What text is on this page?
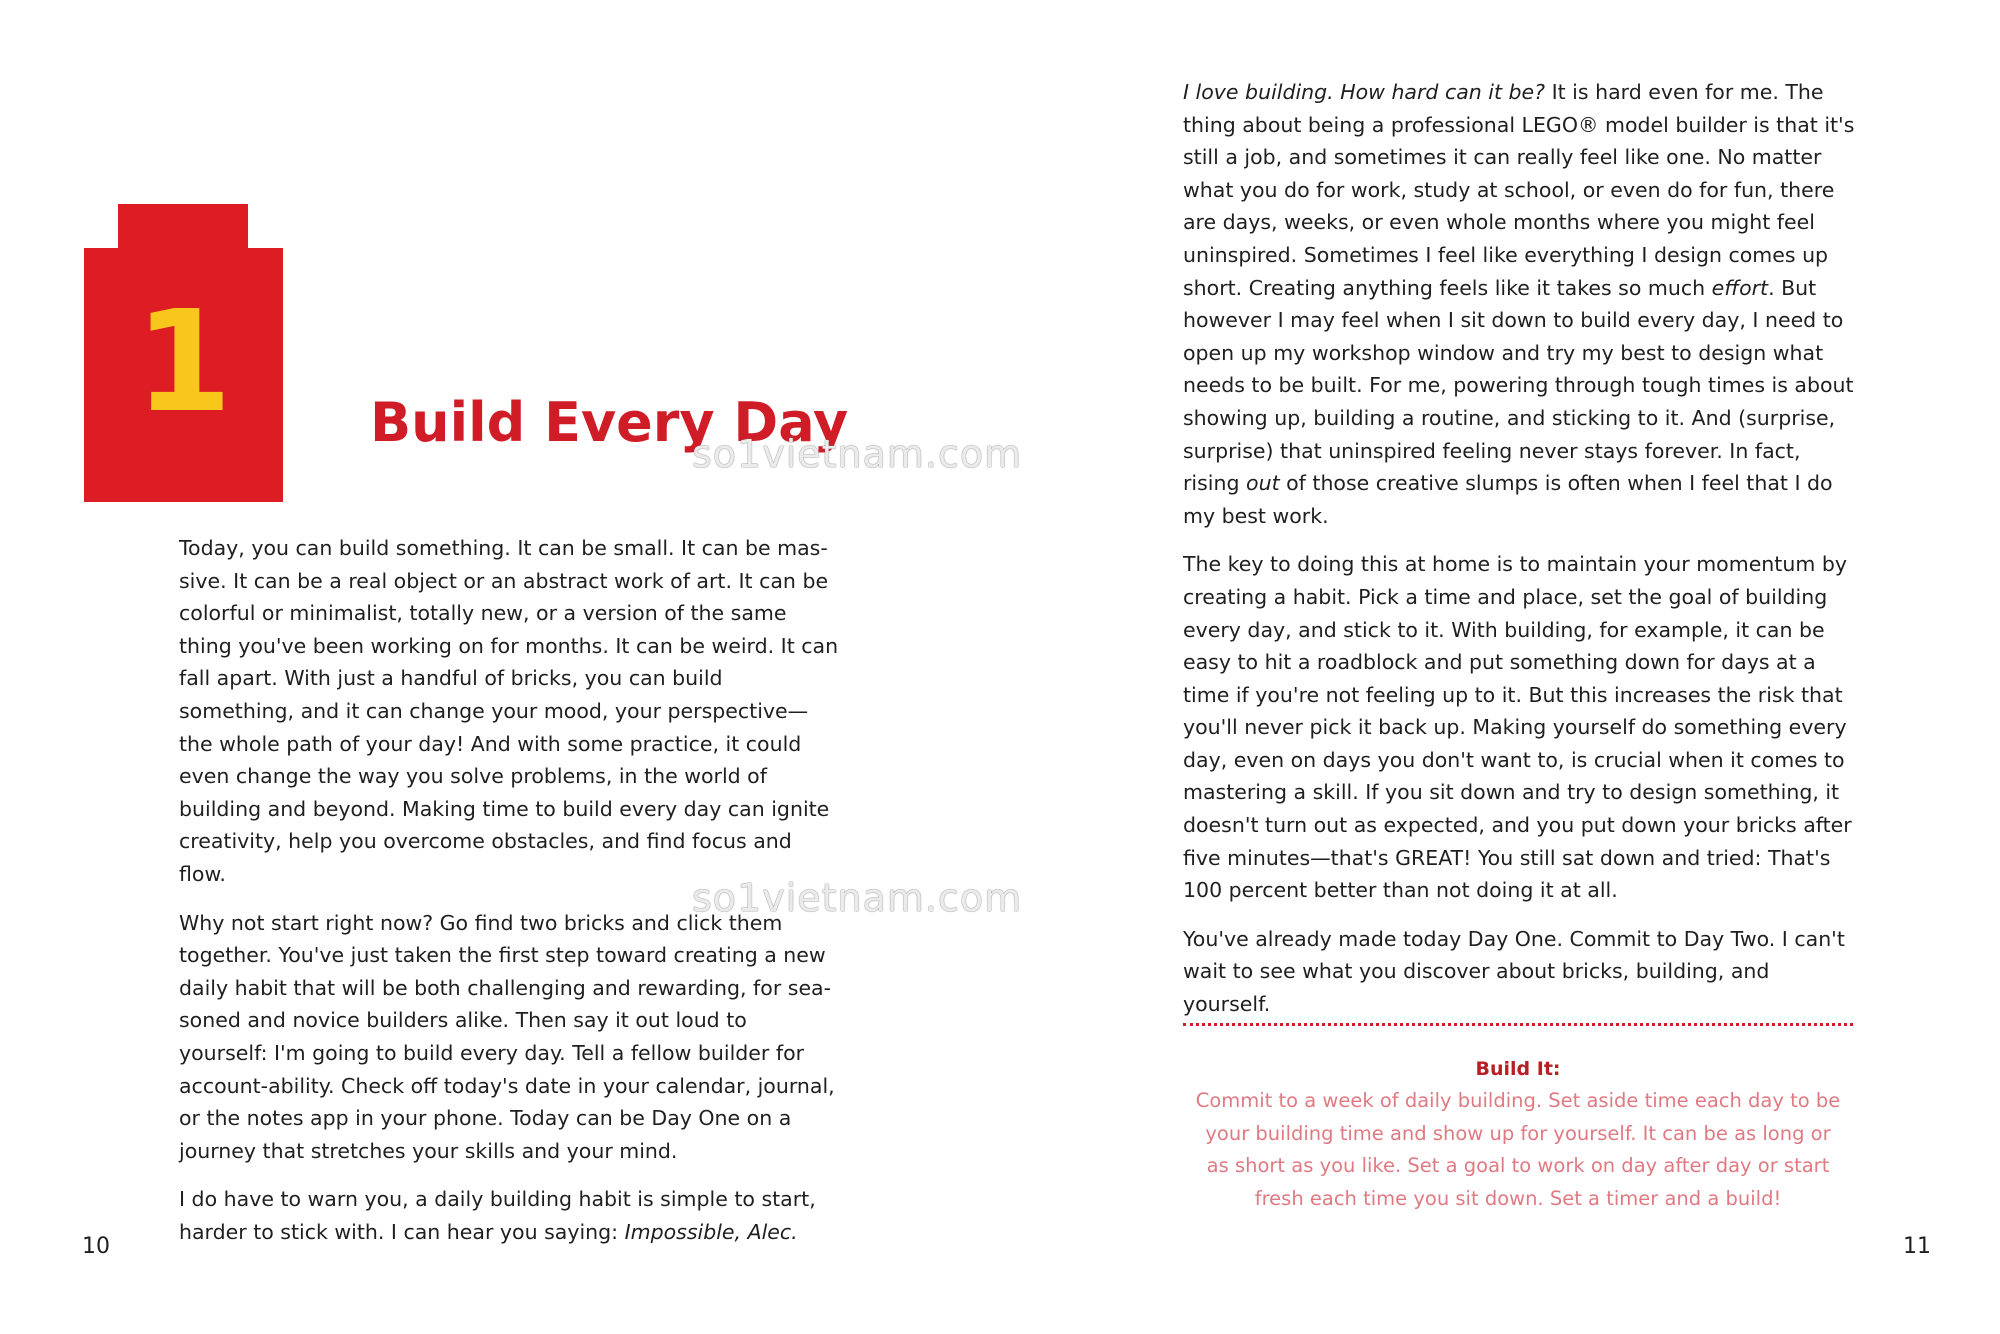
1	Build Every Day

Today, you can build something. It can be small. It can be mas-sive. It can be a real object or an abstract work of art. It can be colorful or minimalist, totally new, or a version of the same thing you've been working on for months. It can be weird. It can fall apart. With just a handful of bricks, you can build something, and it can change your mood, your perspective—the whole path of your day! And with some practice, it could even change the way you solve problems, in the world of building and beyond. Making time to build every day can ignite creativity, help you overcome obstacles, and find focus and flow.

Why not start right now? Go find two bricks and click them together. You've just taken the first step toward creating a new daily habit that will be both challenging and rewarding, for sea-soned and novice builders alike. Then say it out loud to yourself: I'm going to build every day. Tell a fellow builder for account-ability. Check off today's date in your calendar, journal, or the notes app in your phone. Today can be Day One on a journey that stretches your skills and your mind.

I do have to warn you, a daily building habit is simple to start, harder to stick with. I can hear you saying: Impossible, Alec.

10

I love building. How hard can it be? It is hard even for me. The thing about being a professional LEGO® model builder is that it's still a job, and sometimes it can really feel like one. No matter what you do for work, study at school, or even do for fun, there are days, weeks, or even whole months where you might feel uninspired. Sometimes I feel like everything I design comes up short. Creating anything feels like it takes so much effort. But however I may feel when I sit down to build every day, I need to open up my workshop window and try my best to design what needs to be built. For me, powering through tough times is about showing up, building a routine, and sticking to it. And (surprise, surprise) that uninspired feeling never stays forever. In fact, rising out of those creative slumps is often when I feel that I do my best work.

The key to doing this at home is to maintain your momentum by creating a habit. Pick a time and place, set the goal of building every day, and stick to it. With building, for example, it can be easy to hit a roadblock and put something down for days at a time if you're not feeling up to it. But this increases the risk that you'll never pick it back up. Making yourself do something every day, even on days you don't want to, is crucial when it comes to mastering a skill. If you sit down and try to design something, it doesn't turn out as expected, and you put down your bricks after five minutes—that's GREAT! You still sat down and tried: That's 100 percent better than not doing it at all.

You've already made today Day One. Commit to Day Two. I can't wait to see what you discover about bricks, building, and yourself.

Build It:
Commit to a week of daily building. Set aside time each day to be your building time and show up for yourself. It can be as long or as short as you like. Set a goal to work on day after day or start fresh each time you sit down. Set a timer and a build!
11
so1vietnam.com
so1vietnam.com
